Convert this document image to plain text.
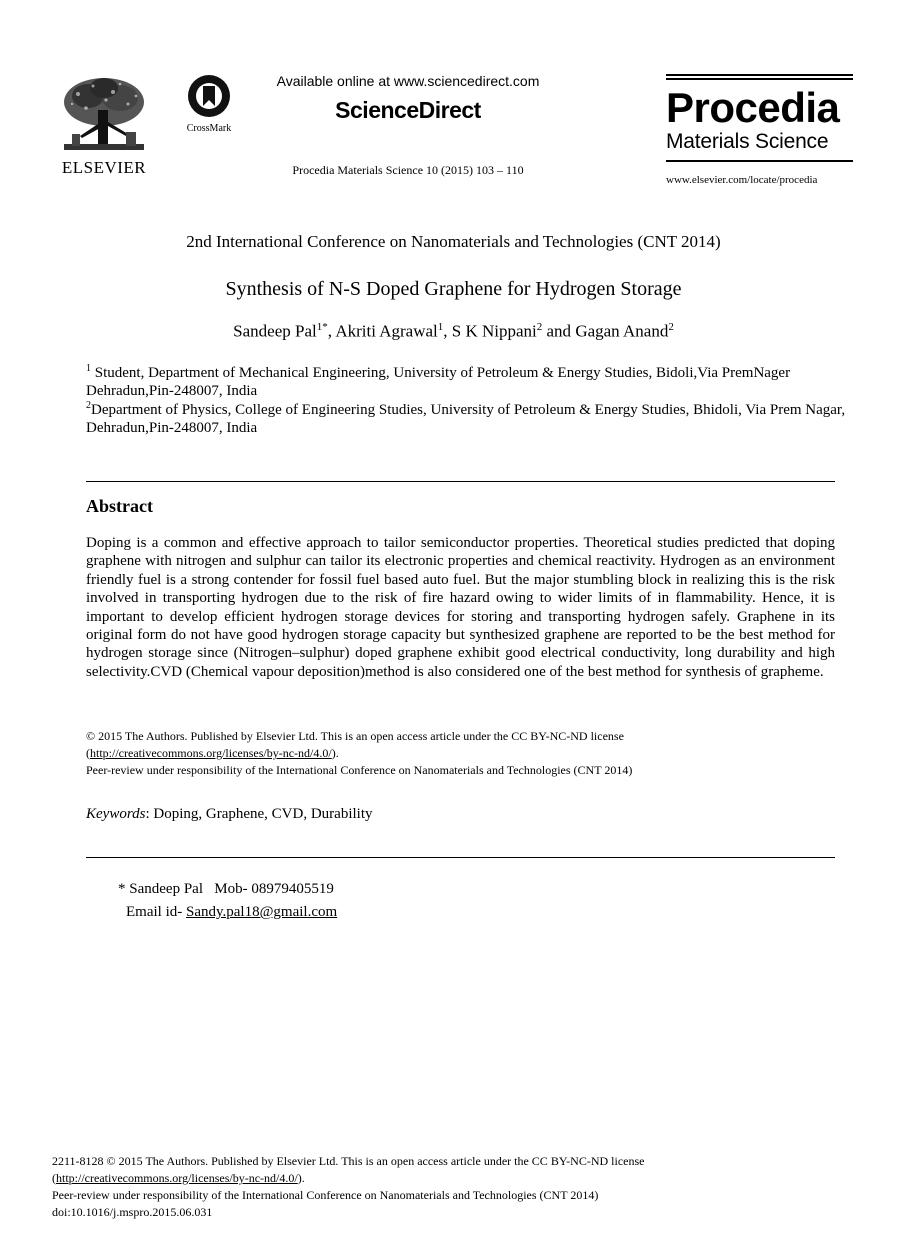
ELSEVIER
CrossMark
Available online at www.sciencedirect.com
ScienceDirect
Procedia Materials Science 10 (2015) 103 – 110
Procedia
Materials Science
www.elsevier.com/locate/procedia
2nd International Conference on Nanomaterials and Technologies (CNT 2014)
Synthesis of N-S Doped Graphene for Hydrogen Storage
Sandeep Pal$^{1*}$, Akriti Agrawal$^1$, S K Nippani$^2$ and Gagan Anand$^2$
$^1$ Student, Department of Mechanical Engineering, University of Petroleum & Energy Studies, Bidoli,Via PremNager Dehradun,Pin-248007, India
$^2$Department of Physics, College of Engineering Studies, University of Petroleum & Energy Studies, Bhidoli, Via Prem Nagar, Dehradun,Pin-248007, India
Abstract
Doping is a common and effective approach to tailor semiconductor properties. Theoretical studies predicted that doping graphene with nitrogen and sulphur can tailor its electronic properties and chemical reactivity. Hydrogen as an environment friendly fuel is a strong contender for fossil fuel based auto fuel. But the major stumbling block in realizing this is the risk involved in transporting hydrogen due to the risk of fire hazard owing to wider limits of in flammability. Hence, it is important to develop efficient hydrogen storage devices for storing and transporting hydrogen safely. Graphene in its original form do not have good hydrogen storage capacity but synthesized graphene are reported to be the best method for hydrogen storage since (Nitrogen–sulphur) doped graphene exhibit good electrical conductivity, long durability and high selectivity.CVD (Chemical vapour deposition)method is also considered one of the best method for synthesis of grapheme.
© 2015 The Authors. Published by Elsevier Ltd. This is an open access article under the CC BY-NC-ND license
(http://creativecommons.org/licenses/by-nc-nd/4.0/).
Peer-review under responsibility of the International Conference on Nanomaterials and Technologies (CNT 2014)
Keywords: Doping, Graphene, CVD, Durability
* Sandeep Pal   Mob- 08979405519
Email id- Sandy.pal18@gmail.com
2211-8128 © 2015 The Authors. Published by Elsevier Ltd. This is an open access article under the CC BY-NC-ND license
(http://creativecommons.org/licenses/by-nc-nd/4.0/).
Peer-review under responsibility of the International Conference on Nanomaterials and Technologies (CNT 2014)
doi:10.1016/j.mspro.2015.06.031
